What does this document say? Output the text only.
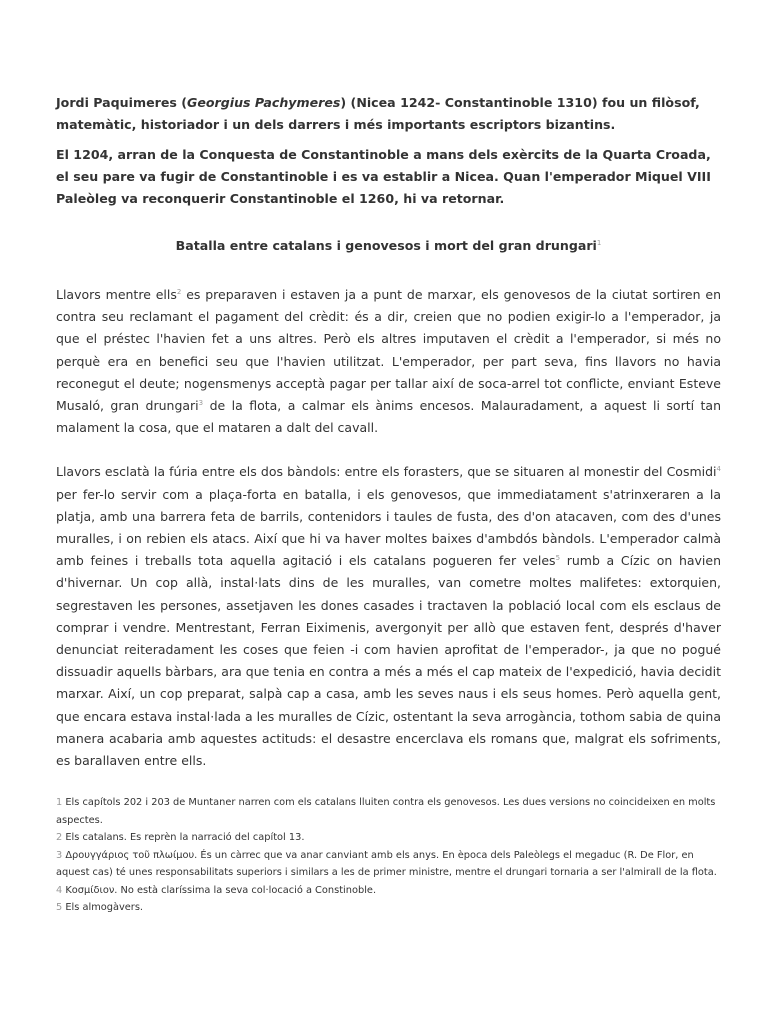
Jordi Paquimeres (Georgius Pachymeres) (Nicea 1242- Constantinoble 1310) fou un filòsof, matemàtic, historiador i un dels darrers i més importants escriptors bizantins.

El 1204, arran de la Conquesta de Constantinoble a mans dels exèrcits de la Quarta Croada, el seu pare va fugir de Constantinoble i es va establir a Nicea. Quan l'emperador Miquel VIII Paleòleg va reconquerir Constantinoble el 1260, hi va retornar.

Batalla entre catalans i genovesos i mort del gran drungari$^1$

Llavors mentre ells$^2$ es preparaven i estaven ja a punt de marxar, els genovesos de la ciutat sortiren en contra seu reclamant el pagament del crèdit: és a dir, creien que no podien exigir-lo a l'emperador, ja que el préstec l'havien fet a uns altres. Però els altres imputaven el crèdit a l'emperador, si més no perquè era en benefici seu que l'havien utilitzat. L'emperador, per part seva, fins llavors no havia reconegut el deute; nogensmenys acceptà pagar per tallar així de soca-arrel tot conflicte, enviant Esteve Musaló, gran drungari$^3$ de la flota, a calmar els ànims encesos. Malauradament, a aquest li sortí tan malament la cosa, que el mataren a dalt del cavall.

Llavors esclatà la fúria entre els dos bàndols: entre els forasters, que se situaren al monestir del Cosmidi$^4$ per fer-lo servir com a plaça-forta en batalla, i els genovesos, que immediatament s'atrinxeraren a la platja, amb una barrera feta de barrils, contenidors i taules de fusta, des d'on atacaven, com des d'unes muralles, i on rebien els atacs. Així que hi va haver moltes baixes d'ambdós bàndols. L'emperador calmà amb feines i treballs tota aquella agitació i els catalans pogueren fer veles$^5$ rumb a Cízic on havien d'hivernar. Un cop allà, instal·lats dins de les muralles, van cometre moltes malifetes: extorquien, segrestaven les persones, assetjaven les dones casades i tractaven la població local com els esclaus de comprar i vendre. Mentrestant, Ferran Eiximenis, avergonyit per allò que estaven fent, després d'haver denunciat reiteradament les coses que feien -i com havien aprofitat de l'emperador-, ja que no pogué dissuadir aquells bàrbars, ara que tenia en contra a més a més el cap mateix de l'expedició, havia decidit marxar. Així, un cop preparat, salpà cap a casa, amb les seves naus i els seus homes. Però aquella gent, que encara estava instal·lada a les muralles de Cízic, ostentant la seva arrogància, tothom sabia de quina manera acabaria amb aquestes actituds: el desastre encerclava els romans que, malgrat els sofriments, es barallaven entre ells.

1 Els capítols 202 i 203 de Muntaner narren com els catalans lluiten contra els genovesos. Les dues versions no coincideixen en molts aspectes.

2 Els catalans. Es reprèn la narració del capítol 13.

3 Δρουγγάριος τοῦ πλωίμου. És un càrrec que va anar canviant amb els anys. En època dels Paleòlegs el megaduc (R. De Flor, en aquest cas) té unes responsabilitats superiors i similars a les de primer ministre, mentre el drungari tornaria a ser l'almirall de la flota.

4 Κοσμίδιον. No està claríssima la seva col·locació a Constinoble.

5 Els almogàvers.
